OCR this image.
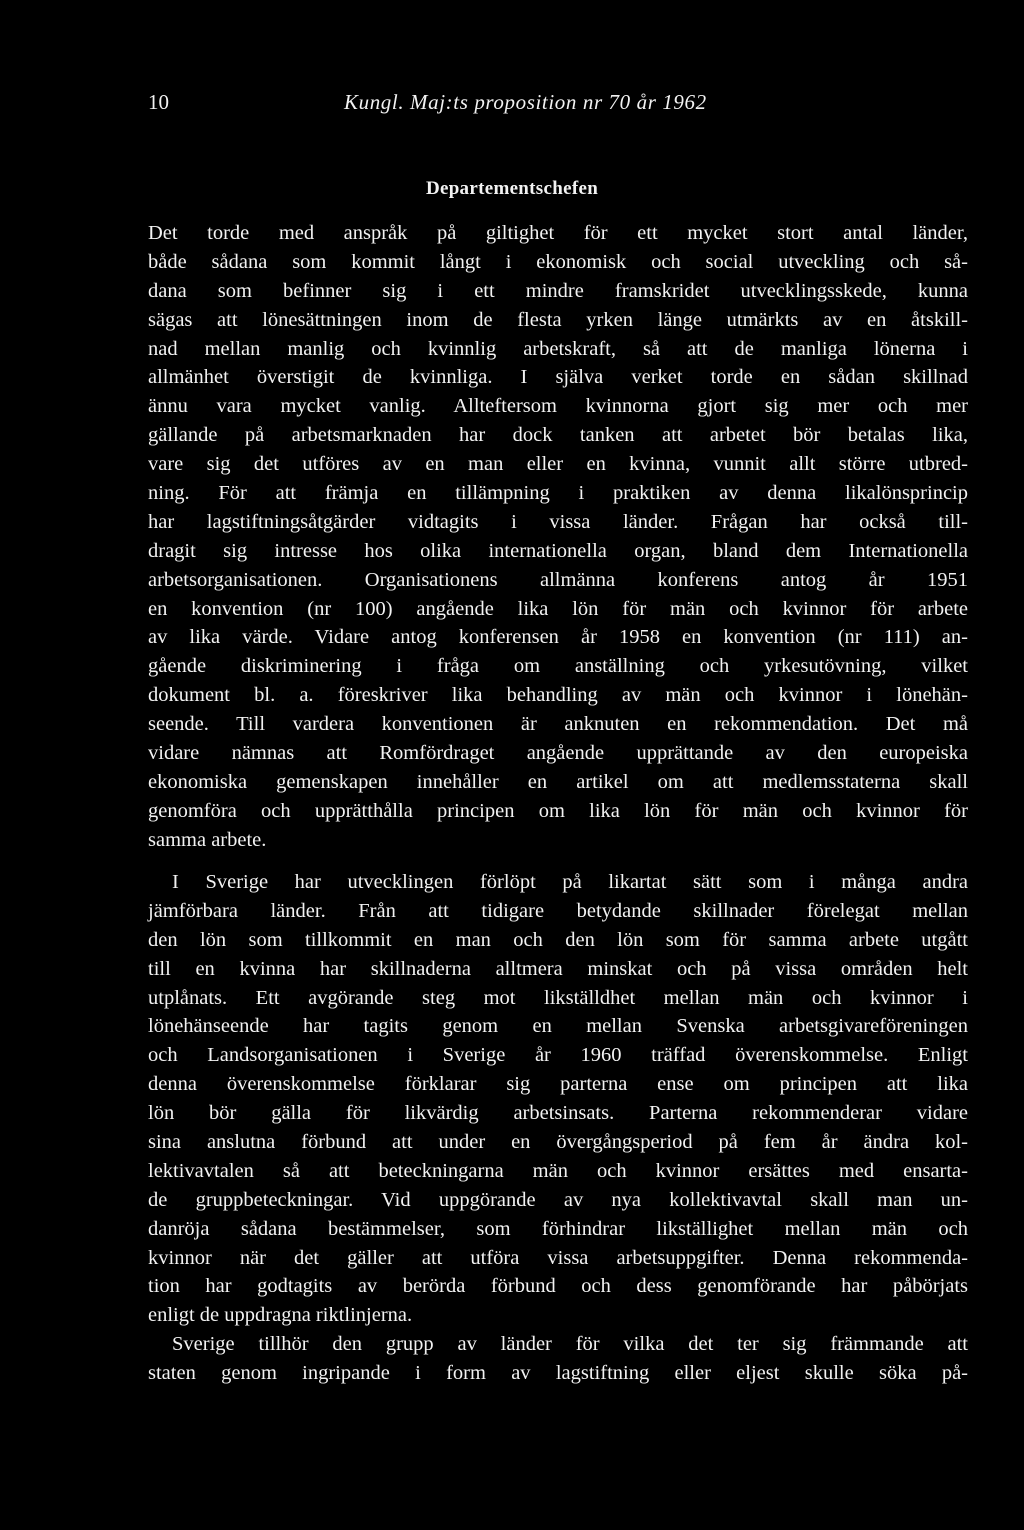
10	Kungl. Maj:ts proposition nr 70 år 1962
Departementschefen
Det torde med anspråk på giltighet för ett mycket stort antal länder,
både sådana som kommit långt i ekonomisk och social utveckling och så-
dana som befinner sig i ett mindre framskridet utvecklingsskede, kunna
sägas att lönesättningen inom de flesta yrken länge utmärkts av en åtskill-
nad mellan manlig och kvinnlig arbetskraft, så att de manliga lönerna i
allmänhet överstigit de kvinnliga. I själva verket torde en sådan skillnad
ännu vara mycket vanlig. Allteftersom kvinnorna gjort sig mer och mer
gällande på arbetsmarknaden har dock tanken att arbetet bör betalas lika,
vare sig det utföres av en man eller en kvinna, vunnit allt större utbred-
ning. För att främja en tillämpning i praktiken av denna likalönsprincip
har lagstiftningsåtgärder vidtagits i vissa länder. Frågan har också till-
dragit sig intresse hos olika internationella organ, bland dem Internationella
arbetsorganisationen. Organisationens allmänna konferens antog år 1951
en konvention (nr 100) angående lika lön för män och kvinnor för arbete
av lika värde. Vidare antog konferensen år 1958 en konvention (nr 111) an-
gående diskriminering i fråga om anställning och yrkesutövning, vilket
dokument bl. a. föreskriver lika behandling av män och kvinnor i lönehän-
seende. Till vardera konventionen är anknuten en rekommendation. Det må
vidare nämnas att Romfördraget angående upprättande av den europeiska
ekonomiska gemenskapen innehåller en artikel om att medlemsstaterna skall
genomföra och upprätthålla principen om lika lön för män och kvinnor för
samma arbete.
I Sverige har utvecklingen förlöpt på likartat sätt som i många andra
jämförbara länder. Från att tidigare betydande skillnader förelegat mellan
den lön som tillkommit en man och den lön som för samma arbete utgått
till en kvinna har skillnaderna alltmera minskat och på vissa områden helt
utplånats. Ett avgörande steg mot likställdhet mellan män och kvinnor i
lönehänseende har tagits genom en mellan Svenska arbetsgivareföreningen
och Landsorganisationen i Sverige år 1960 träffad överenskommelse. Enligt
denna överenskommelse förklarar sig parterna ense om principen att lika
lön bör gälla för likvärdig arbetsinsats. Parterna rekommenderar vidare
sina anslutna förbund att under en övergångsperiod på fem år ändra kol-
lektivavtalen så att beteckningarna män och kvinnor ersättes med ensarta-
de gruppbeteckningar. Vid uppgörande av nya kollektivavtal skall man un-
danröja sådana bestämmelser, som förhindrar likställighet mellan män och
kvinnor när det gäller att utföra vissa arbetsuppgifter. Denna rekommenda-
tion har godtagits av berörda förbund och dess genomförande har påbörjats
enligt de uppdragna riktlinjerna.
Sverige tillhör den grupp av länder för vilka det ter sig främmande att
staten genom ingripande i form av lagstiftning eller eljest skulle söka på-
